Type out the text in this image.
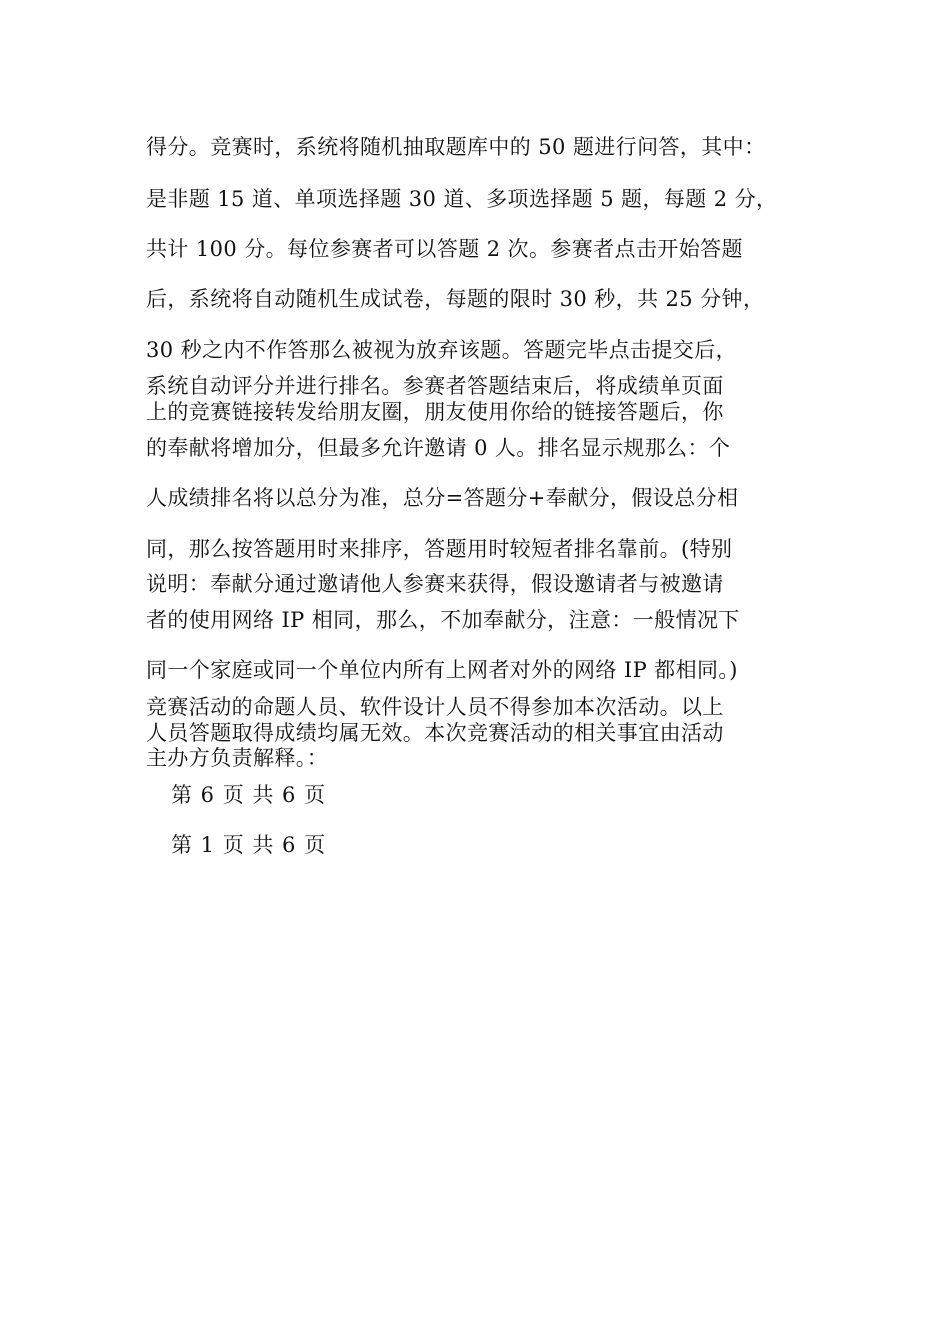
得分。竞赛时，系统将随机抽取题库中的 50 题进行问答，其中：

是非题 15 道、单项选择题 30 道、多项选择题 5 题，每题 2 分，

共计 100 分。每位参赛者可以答题 2 次。参赛者点击开始答题

后，系统将自动随机生成试卷，每题的限时 30 秒，共 25 分钟，

30 秒之内不作答那么被视为放弃该题。答题完毕点击提交后，

系统自动评分并进行排名。参赛者答题结束后，将成绩单页面

上的竞赛链接转发给朋友圈，朋友使用你给的链接答题后，你

的奉献将增加分，但最多允许邀请 0 人。排名显示规那么：个

人成绩排名将以总分为准，总分=答题分+奉献分，假设总分相

同，那么按答题用时来排序，答题用时较短者排名靠前。(特别

说明：奉献分通过邀请他人参赛来获得，假设邀请者与被邀请

者的使用网络 IP 相同，那么，不加奉献分，注意：一般情况下

同一个家庭或同一个单位内所有上网者对外的网络 IP 都相同。)

竞赛活动的命题人员、软件设计人员不得参加本次活动。以上

人员答题取得成绩均属无效。本次竞赛活动的相关事宜由活动

主办方负责解释。：

第 6 页 共 6 页

第 1 页 共 6 页
